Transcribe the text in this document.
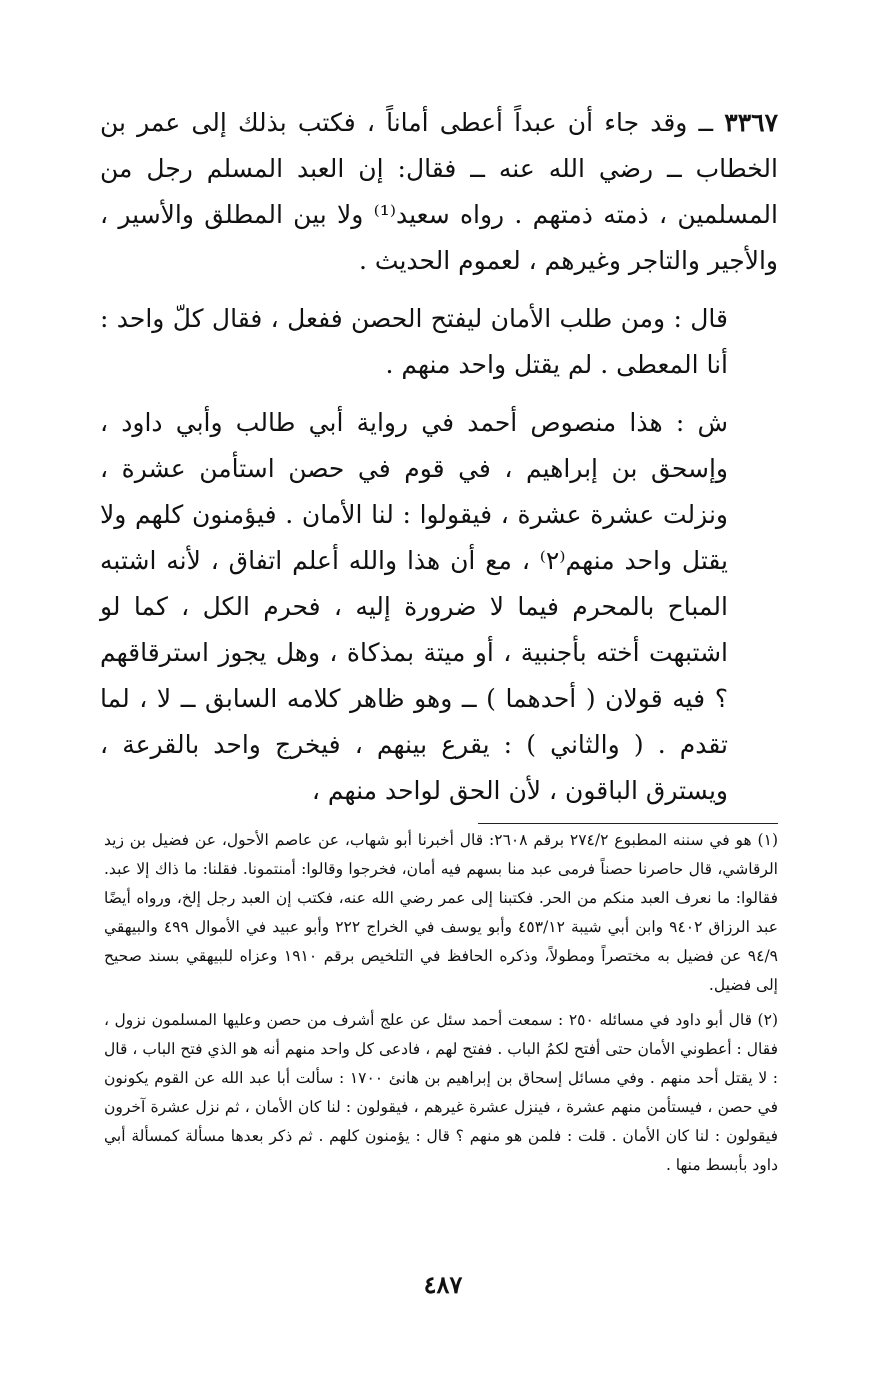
٣٣٦٧ ــ وقد جاء أن عبداً أعطى أماناً ، فكتب بذلك إلى عمر بن الخطاب ــ رضي الله عنه ــ فقال: إن العبد المسلم رجل من المسلمين ، ذمته ذمتهم . رواه سعيد⁽¹⁾ ولا بين المطلق والأسير ، والأجير والتاجر وغيرهم ، لعموم الحديث .

قال : ومن طلب الأمان ليفتح الحصن ففعل ، فقال كلّ واحد : أنا المعطى . لم يقتل واحد منهم .

ش : هذا منصوص أحمد في رواية أبي طالب وأبي داود ، وإسحق بن إبراهيم ، في قوم في حصن استأمن عشرة ، ونزلت عشرة عشرة ، فيقولوا : لنا الأمان . فيؤمنون كلهم ولا يقتل واحد منهم⁽٢⁾ ، مع أن هذا والله أعلم اتفاق ، لأنه اشتبه المباح بالمحرم فيما لا ضرورة إليه ، فحرم الكل ، كما لو اشتبهت أخته بأجنبية ، أو ميتة بمذكاة ، وهل يجوز استرقاقهم ؟ فيه قولان ( أحدهما ) ــ وهو ظاهر كلامه السابق ــ لا ، لما تقدم . ( والثاني ) : يقرع بينهم ، فيخرج واحد بالقرعة ، ويسترق الباقون ، لأن الحق لواحد منهم ،

(١) هو في سننه المطبوع ٢٧٤/٢ برقم ٢٦٠٨: قال أخبرنا أبو شهاب، عن عاصم الأحول، عن فضيل بن زيد الرقاشي، قال حاصرنا حصناً فرمى عبد منا بسهم فيه أمان، فخرجوا وقالوا: أمنتمونا. فقلنا: ما ذاك إلا عبد. فقالوا: ما نعرف العبد منكم من الحر. فكتبنا إلى عمر رضي الله عنه، فكتب إن العبد رجل إلخ، ورواه أيضًا عبد الرزاق ٩٤٠٢ وابن أبي شيبة ٤٥٣/١٢ وأبو يوسف في الخراج ٢٢٢ وأبو عبيد في الأموال ٤٩٩ والبيهقي ٩٤/٩ عن فضيل به مختصراً ومطولاً، وذكره الحافظ في التلخيص برقم ١٩١٠ وعزاه للبيهقي بسند صحيح إلى فضيل.

(٢) قال أبو داود في مسائله ٢٥٠ : سمعت أحمد سئل عن علج أشرف من حصن وعليها المسلمون نزول ، فقال : أعطوني الأمان حتى أفتح لكمُ الباب . ففتح لهم ، فادعى كل واحد منهم أنه هو الذي فتح الباب ، قال : لا يقتل أحد منهم . وفي مسائل إسحاق بن إبراهيم بن هانئ ١٧٠٠ : سألت أبا عبد الله عن القوم يكونون في حصن ، فيستأمن منهم عشرة ، فينزل عشرة غيرهم ، فيقولون : لنا كان الأمان ، ثم نزل عشرة آخرون فيقولون : لنا كان الأمان . قلت : فلمن هو منهم ؟ قال : يؤمنون كلهم . ثم ذكر بعدها مسألة كمسألة أبي داود بأبسط منها .

٤٨٧
